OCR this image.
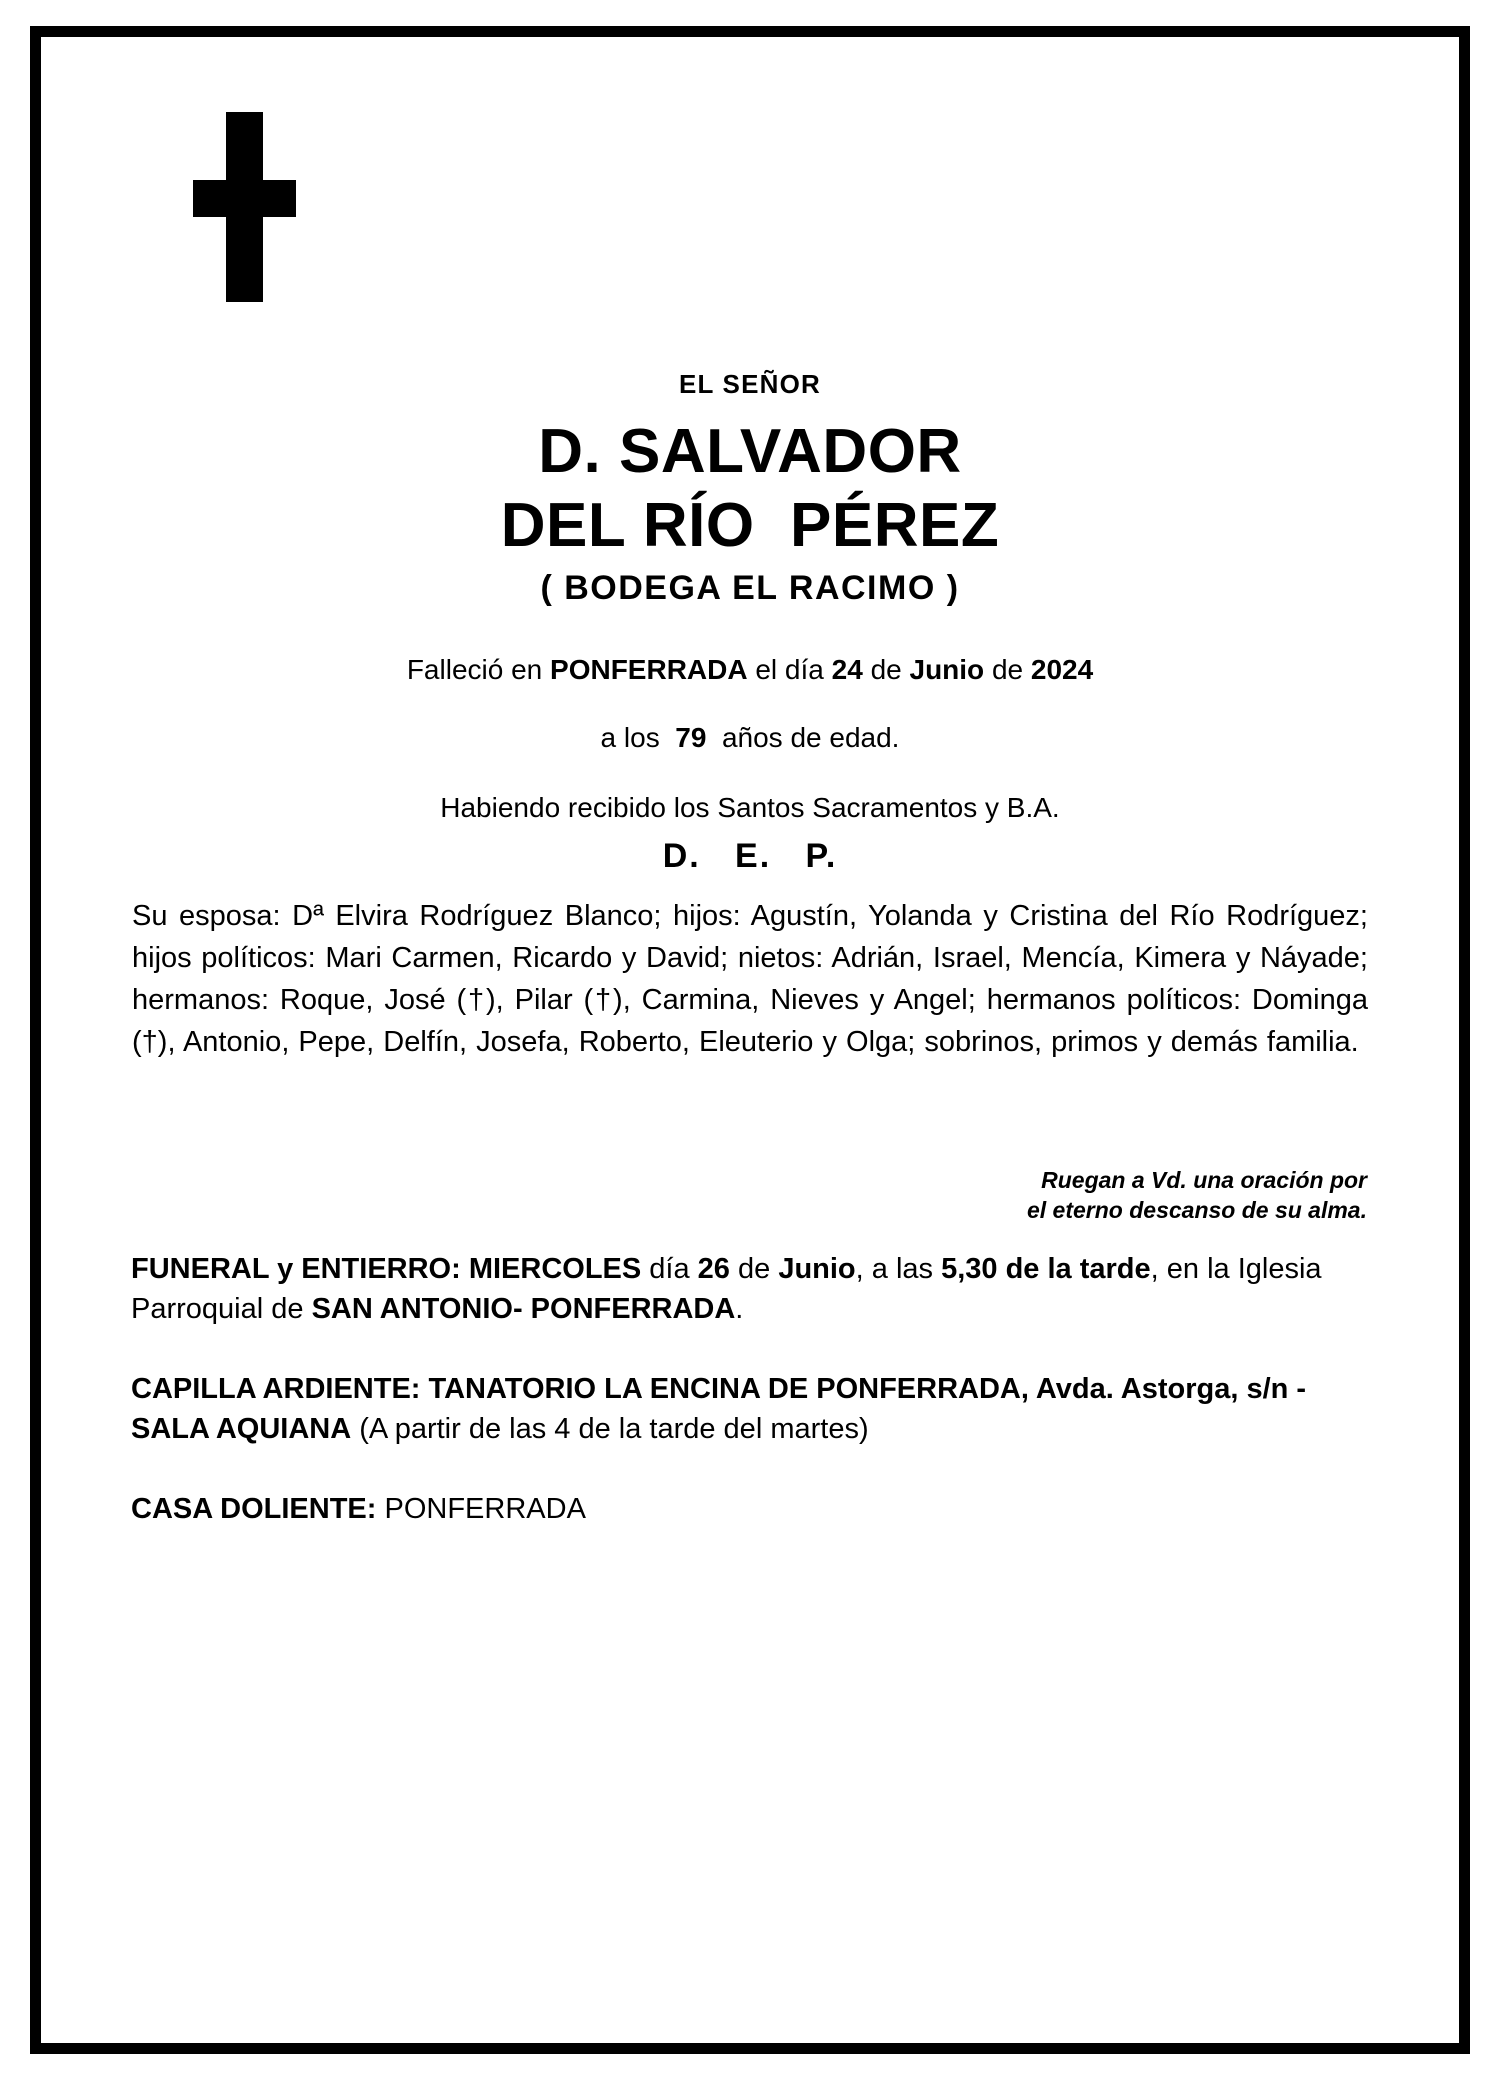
EL SEÑOR
D. SALVADOR
DEL RÍO  PÉREZ
( BODEGA EL RACIMO )
Falleció en PONFERRADA el día 24 de Junio de 2024
a los  79  años de edad.
Habiendo recibido los Santos Sacramentos y B.A.
D.   E.   P.
Su esposa: Dª Elvira Rodríguez Blanco; hijos: Agustín, Yolanda y Cristina del Río Rodríguez; hijos políticos: Mari Carmen, Ricardo y David; nietos: Adrián, Israel, Mencía, Kimera y Náyade; hermanos: Roque, José (†), Pilar (†), Carmina, Nieves y Angel; hermanos políticos: Dominga (†), Antonio, Pepe, Delfín, Josefa, Roberto, Eleuterio y Olga; sobrinos, primos y demás familia.
Ruegan a Vd. una oración por
el eterno descanso de su alma.
FUNERAL y ENTIERRO: MIERCOLES día 26 de Junio, a las 5,30 de la tarde, en la Iglesia Parroquial de SAN ANTONIO- PONFERRADA.
CAPILLA ARDIENTE: TANATORIO LA ENCINA DE PONFERRADA, Avda. Astorga, s/n - SALA AQUIANA (A partir de las 4 de la tarde del martes)
CASA DOLIENTE: PONFERRADA
